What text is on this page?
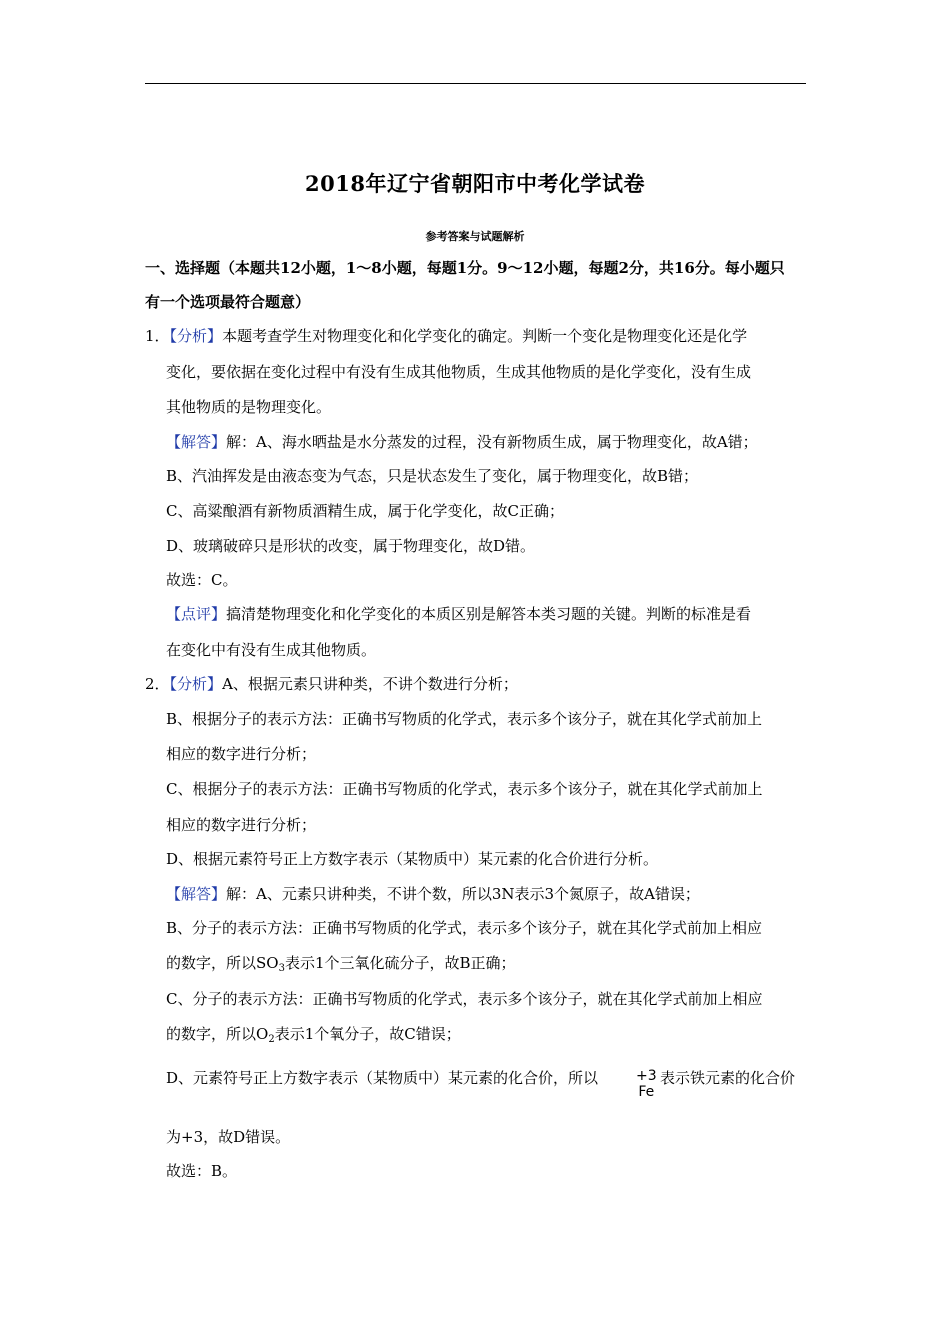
2018年辽宁省朝阳市中考化学试卷
参考答案与试题解析
一、选择题（本题共12小题，1～8小题，每题1分。9～12小题，每题2分，共16分。每小题只
有一个选项最符合题意）
1．【分析】本题考查学生对物理变化和化学变化的确定。判断一个变化是物理变化还是化学
变化，要依据在变化过程中有没有生成其他物质，生成其他物质的是化学变化，没有生成
其他物质的是物理变化。
【解答】解：A、海水晒盐是水分蒸发的过程，没有新物质生成，属于物理变化，故A错；
B、汽油挥发是由液态变为气态，只是状态发生了变化，属于物理变化，故B错；
C、高粱酿酒有新物质酒精生成，属于化学变化，故C正确；
D、玻璃破碎只是形状的改变，属于物理变化，故D错。
故选：C。
【点评】搞清楚物理变化和化学变化的本质区别是解答本类习题的关键。判断的标准是看
在变化中有没有生成其他物质。
2．【分析】A、根据元素只讲种类，不讲个数进行分析；
B、根据分子的表示方法：正确书写物质的化学式，表示多个该分子，就在其化学式前加上
相应的数字进行分析；
C、根据分子的表示方法：正确书写物质的化学式，表示多个该分子，就在其化学式前加上
相应的数字进行分析；
D、根据元素符号正上方数字表示（某物质中）某元素的化合价进行分析。
【解答】解：A、元素只讲种类，不讲个数，所以3N表示3个氮原子，故A错误；
B、分子的表示方法：正确书写物质的化学式，表示多个该分子，就在其化学式前加上相应
的数字，所以$SO_3$表示1个三氧化硫分子，故B正确；
C、分子的表示方法：正确书写物质的化学式，表示多个该分子，就在其化学式前加上相应
的数字，所以$O_2$表示1个氧分子，故C错误；
D、元素符号正上方数字表示（某物质中）某元素的化合价，所以	+3
Fe
表示铁元素的化合价
为+3，故D错误。
故选：B。
